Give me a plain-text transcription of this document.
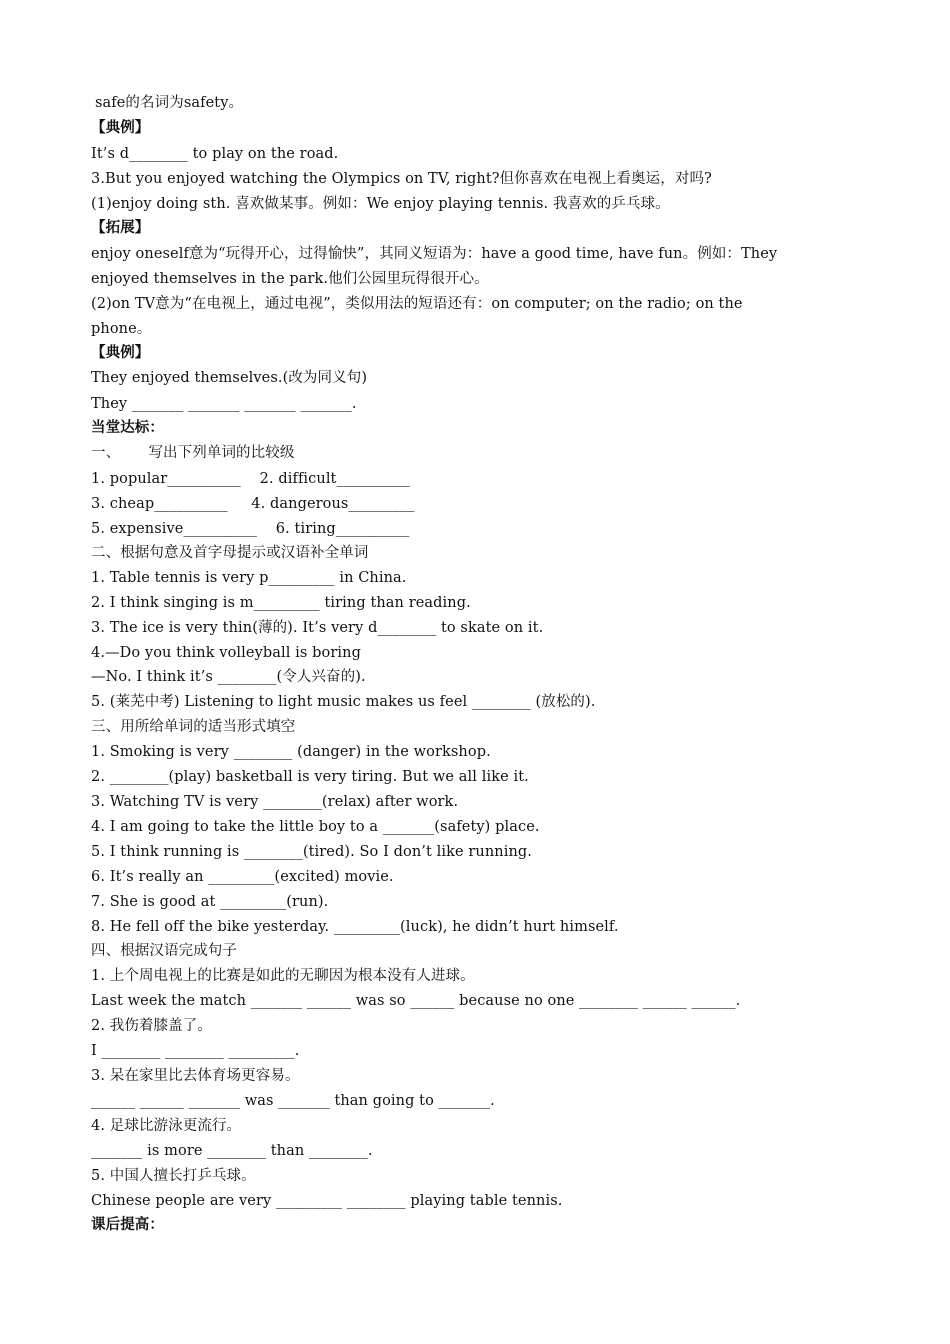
safe的名词为safety。
【典例】
It’s d________ to play on the road.
3.But you enjoyed watching the Olympics on TV, right?但你喜欢在电视上看奥运，对吗?
(1)enjoy doing sth. 喜欢做某事。例如：We enjoy playing tennis. 我喜欢的乒乓球。
【拓展】
enjoy oneself意为“玩得开心，过得愉快”，其同义短语为：have a good time, have fun。例如：They
enjoyed themselves in the park.他们公园里玩得很开心。
(2)on TV意为“在电视上，通过电视”，类似用法的短语还有：on computer; on the radio; on the
phone。
【典例】
They enjoyed themselves.(改为同义句)
They _______ _______ _______ _______.
当堂达标：
一、      写出下列单词的比较级
1. popular__________    2. difficult__________
3. cheap__________     4. dangerous_________
5. expensive__________    6. tiring__________
二、根据句意及首字母提示或汉语补全单词
1. Table tennis is very p_________ in China.
2. I think singing is m_________ tiring than reading.
3. The ice is very thin(薄的). It’s very d________ to skate on it.
4.—Do you think volleyball is boring
—No. I think it’s ________(令人兴奋的).
5. (莱芜中考) Listening to light music makes us feel ________ (放松的).
三、用所给单词的适当形式填空
1. Smoking is very ________ (danger) in the workshop.
2. ________(play) basketball is very tiring. But we all like it.
3. Watching TV is very ________(relax) after work.
4. I am going to take the little boy to a _______(safety) place.
5. I think running is ________(tired). So I don’t like running.
6. It’s really an _________(excited) movie.
7. She is good at _________(run).
8. He fell off the bike yesterday. _________(luck), he didn’t hurt himself.
四、根据汉语完成句子
1. 上个周电视上的比赛是如此的无聊因为根本没有人进球。
Last week the match _______ ______ was so ______ because no one ________ ______ ______.
2. 我伤着膝盖了。
I ________ ________ _________.
3. 呆在家里比去体育场更容易。
______ ______ _______ was _______ than going to _______.
4. 足球比游泳更流行。
_______ is more ________ than ________.
5. 中国人擅长打乒乓球。
Chinese people are very _________ ________ playing table tennis.
课后提高：
